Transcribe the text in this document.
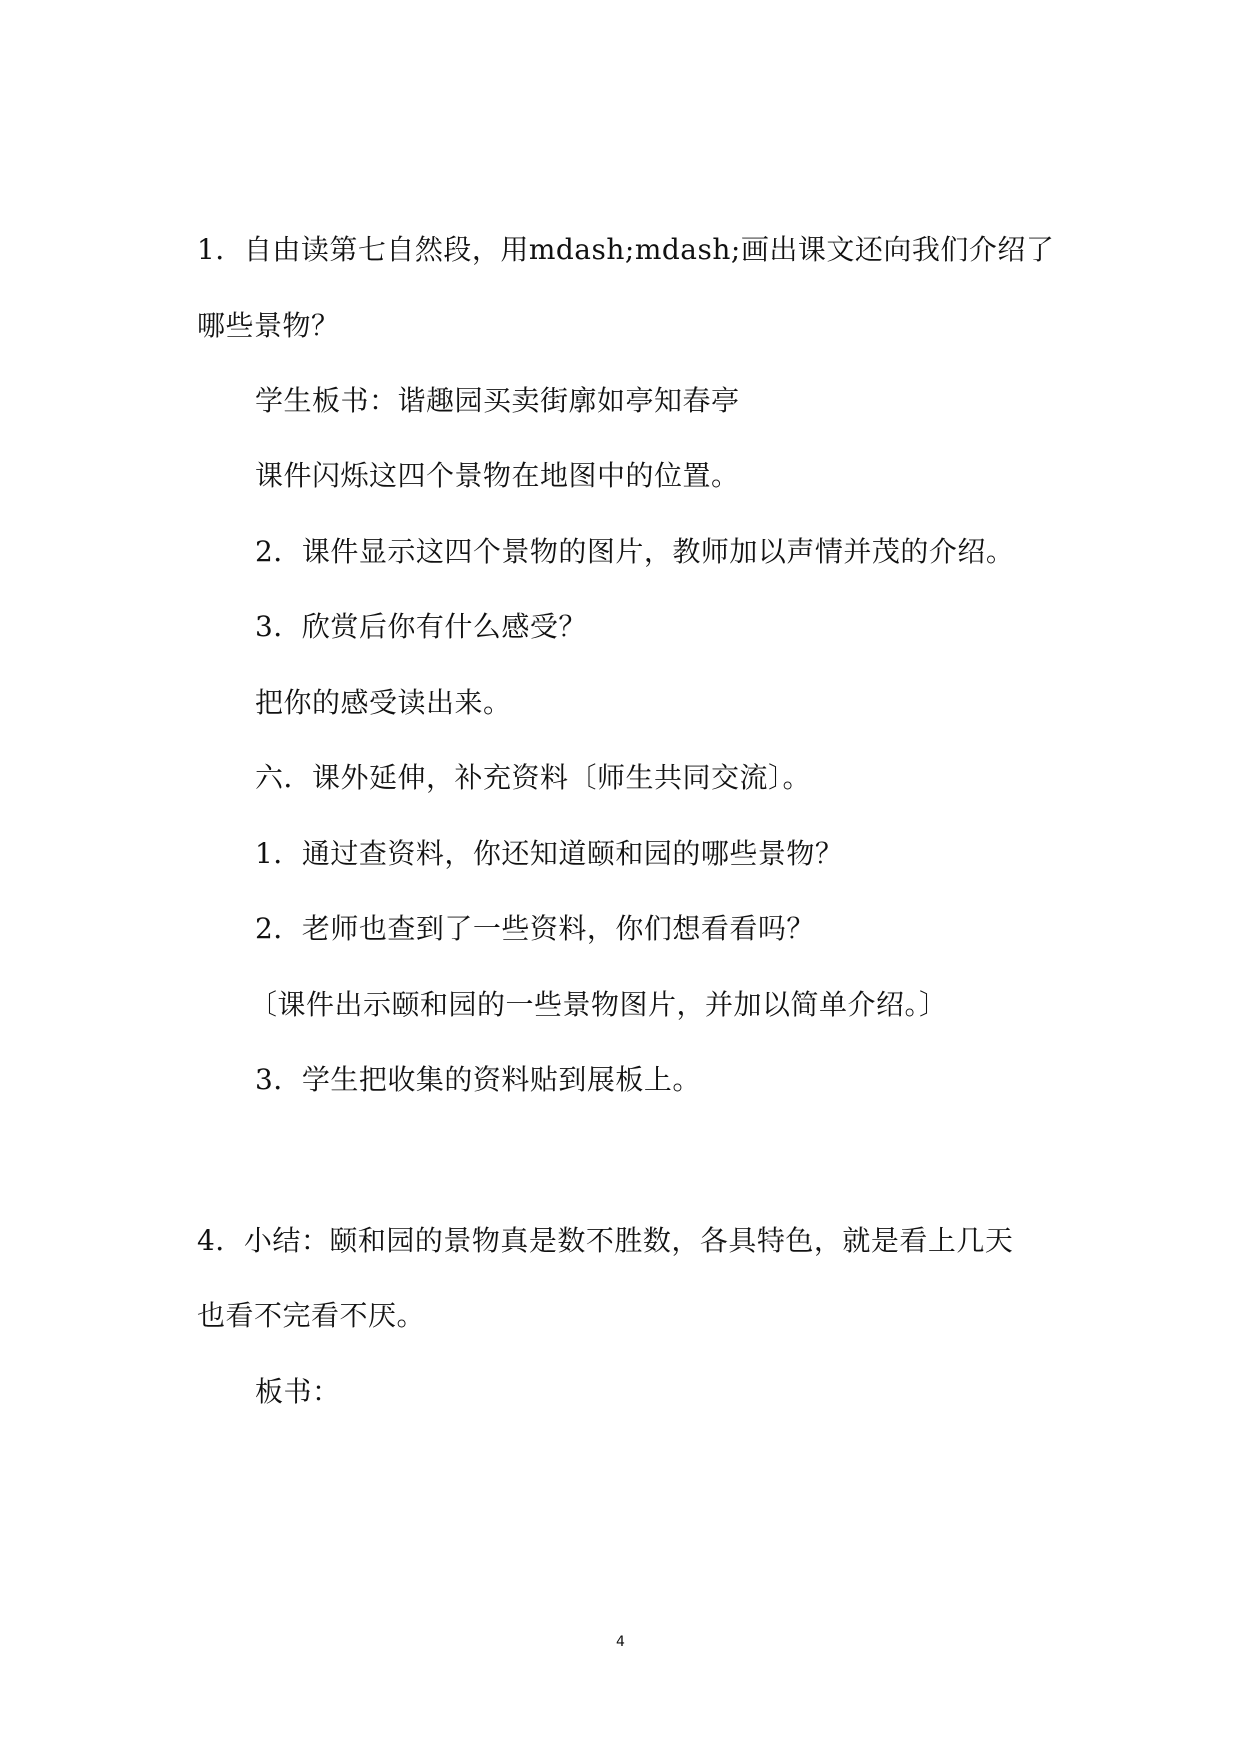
1．自由读第七自然段，用mdash;mdash;画出课文还向我们介绍了
哪些景物？
学生板书：谐趣园买卖街廓如亭知春亭
课件闪烁这四个景物在地图中的位置。
2．课件显示这四个景物的图片，教师加以声情并茂的介绍。
3．欣赏后你有什么感受？
把你的感受读出来。
六．课外延伸，补充资料〔师生共同交流〕。
1．通过查资料，你还知道颐和园的哪些景物？
2．老师也查到了一些资料，你们想看看吗？
〔课件出示颐和园的一些景物图片，并加以简单介绍。〕
3．学生把收集的资料贴到展板上。
4．小结：颐和园的景物真是数不胜数，各具特色，就是看上几天
也看不完看不厌。
板书：
4
